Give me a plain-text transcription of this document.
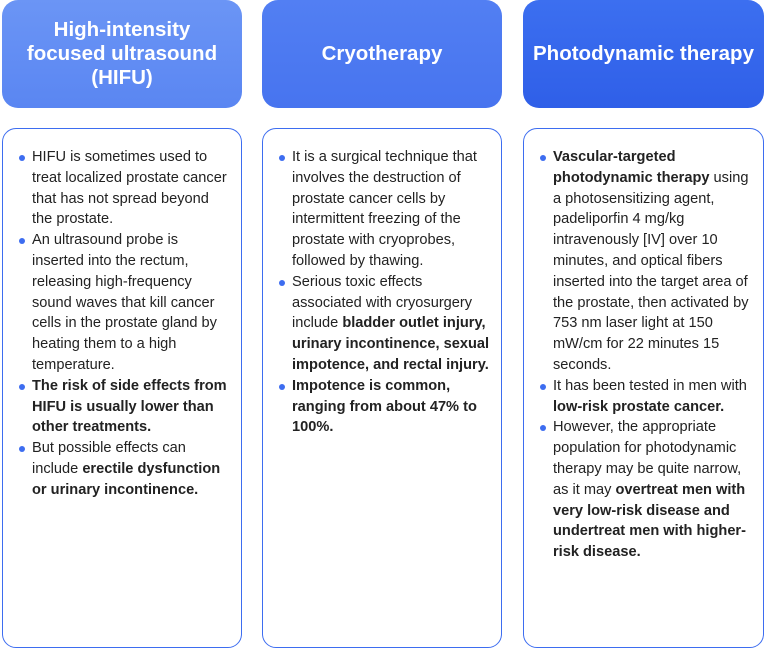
High-intensity focused ultrasound (HIFU)
HIFU is sometimes used to treat localized prostate cancer that has not spread beyond the prostate.
An ultrasound probe is inserted into the rectum, releasing high-frequency sound waves that kill cancer cells in the prostate gland by heating them to a high temperature.
The risk of side effects from HIFU is usually lower than other treatments.
But possible effects can include erectile dysfunction or urinary incontinence.
Cryotherapy
It is a surgical technique that involves the destruction of prostate cancer cells by intermittent freezing of the prostate with cryoprobes, followed by thawing.
Serious toxic effects associated with cryosurgery include bladder outlet injury, urinary incontinence, sexual impotence, and rectal injury.
Impotence is common, ranging from about 47% to 100%.
Photodynamic therapy
Vascular-targeted photodynamic therapy using a photosensitizing agent, padeliporfin 4 mg/kg intravenously [IV] over 10 minutes, and optical fibers inserted into the target area of the prostate, then activated by 753 nm laser light at 150 mW/cm for 22 minutes 15 seconds.
It has been tested in men with low-risk prostate cancer.
However, the appropriate population for photodynamic therapy may be quite narrow, as it may overtreat men with very low-risk disease and undertreat men with higher-risk disease.
